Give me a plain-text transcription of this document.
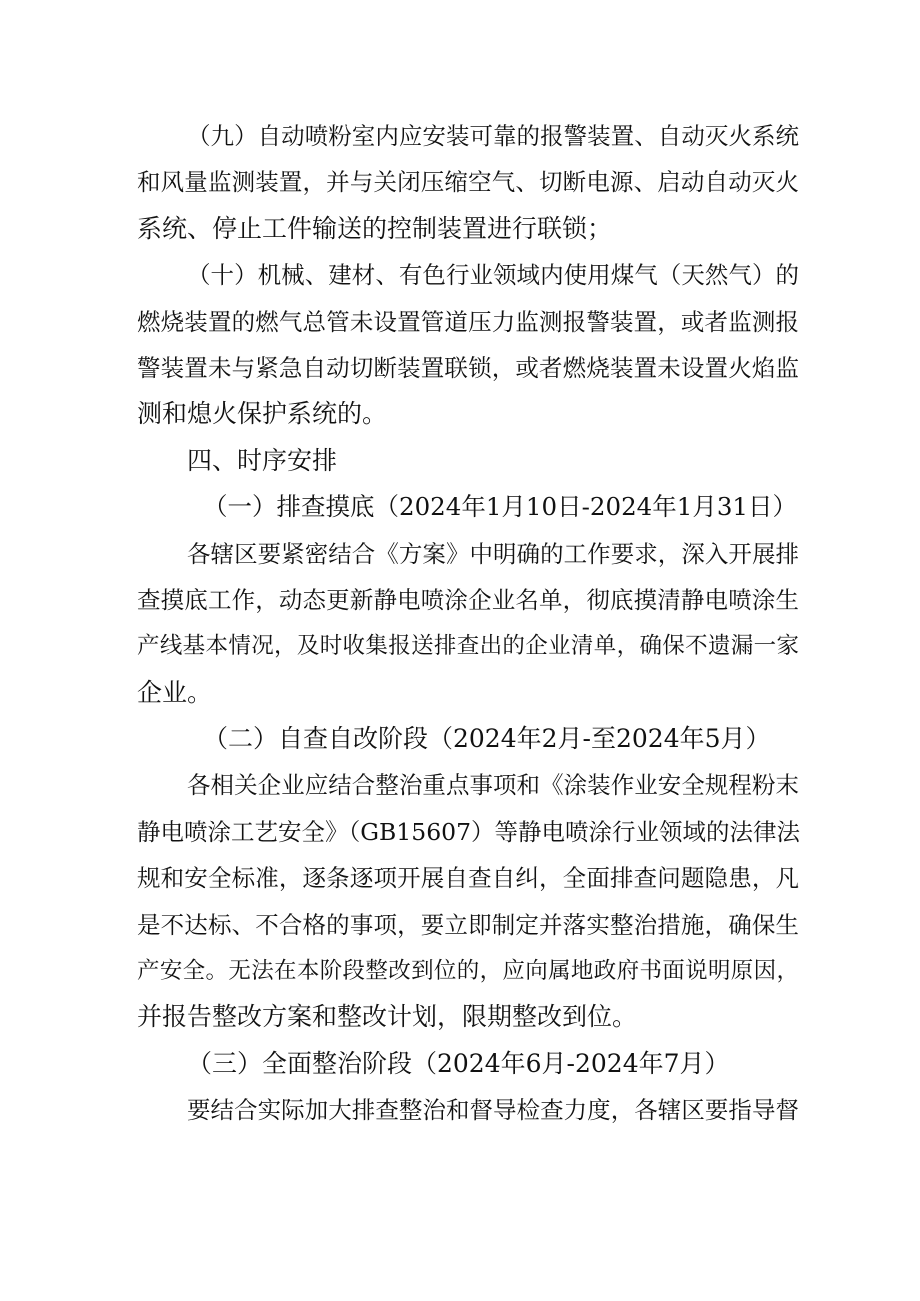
（九）自动喷粉室内应安装可靠的报警装置、自动灭火系统
和风量监测装置，并与关闭压缩空气、切断电源、启动自动灭火
系统、停止工件输送的控制装置进行联锁；
（十）机械、建材、有色行业领域内使用煤气（天然气）的
燃烧装置的燃气总管未设置管道压力监测报警装置，或者监测报
警装置未与紧急自动切断装置联锁，或者燃烧装置未设置火焰监
测和熄火保护系统的。
四、时序安排
（一）排查摸底（2024年1月10日-2024年1月31日）
各辖区要紧密结合《方案》中明确的工作要求，深入开展排
查摸底工作，动态更新静电喷涂企业名单，彻底摸清静电喷涂生
产线基本情况，及时收集报送排查出的企业清单，确保不遗漏一家
企业。
（二）自查自改阶段（2024年2月-至2024年5月）
各相关企业应结合整治重点事项和《涂装作业安全规程粉末
静电喷涂工艺安全》（GB15607）等静电喷涂行业领域的法律法
规和安全标准，逐条逐项开展自查自纠，全面排查问题隐患，凡
是不达标、不合格的事项，要立即制定并落实整治措施，确保生
产安全。无法在本阶段整改到位的，应向属地政府书面说明原因，
并报告整改方案和整改计划，限期整改到位。
（三）全面整治阶段（2024年6月-2024年7月）
要结合实际加大排查整治和督导检查力度，各辖区要指导督
